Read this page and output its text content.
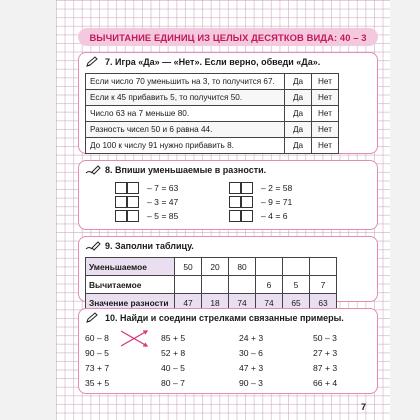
ВЫЧИТАНИЕ ЕДИНИЦ ИЗ ЦЕЛЫХ ДЕСЯТКОВ ВИДА: 40 – 3
7. Игра «Да» — «Нет». Если верно, обведи «Да».
Если число 70 уменьшить на 3, то получится 67.	Да	Нет
Если к 45 прибавить 5, то получится 50.	Да	Нет
Число 63 на 7 меньше 80.	Да	Нет
Разность чисел 50 и 6 равна 44.	Да	Нет
До 100 к числу 91 нужно прибавить 8.	Да	Нет
8. Впиши уменьшаемые в разности.
– 7 = 63
– 3 = 47
– 5 = 85
– 2 = 58
– 9 = 71
– 4 = 6
9. Заполни таблицу.
Уменьшаемое	50	20	80			
Вычитаемое				6	5	7
Значение разности	47	18	74	74	65	63
10. Найди и соедини стрелками связанные примеры.
60 – 8
90 – 5
73 + 7
35 + 5
85 + 5
52 + 8
40 – 5
80 – 7
24 + 3
30 – 6
47 + 3
90 – 3
50 – 3
27 + 3
87 + 3
66 + 4
7
